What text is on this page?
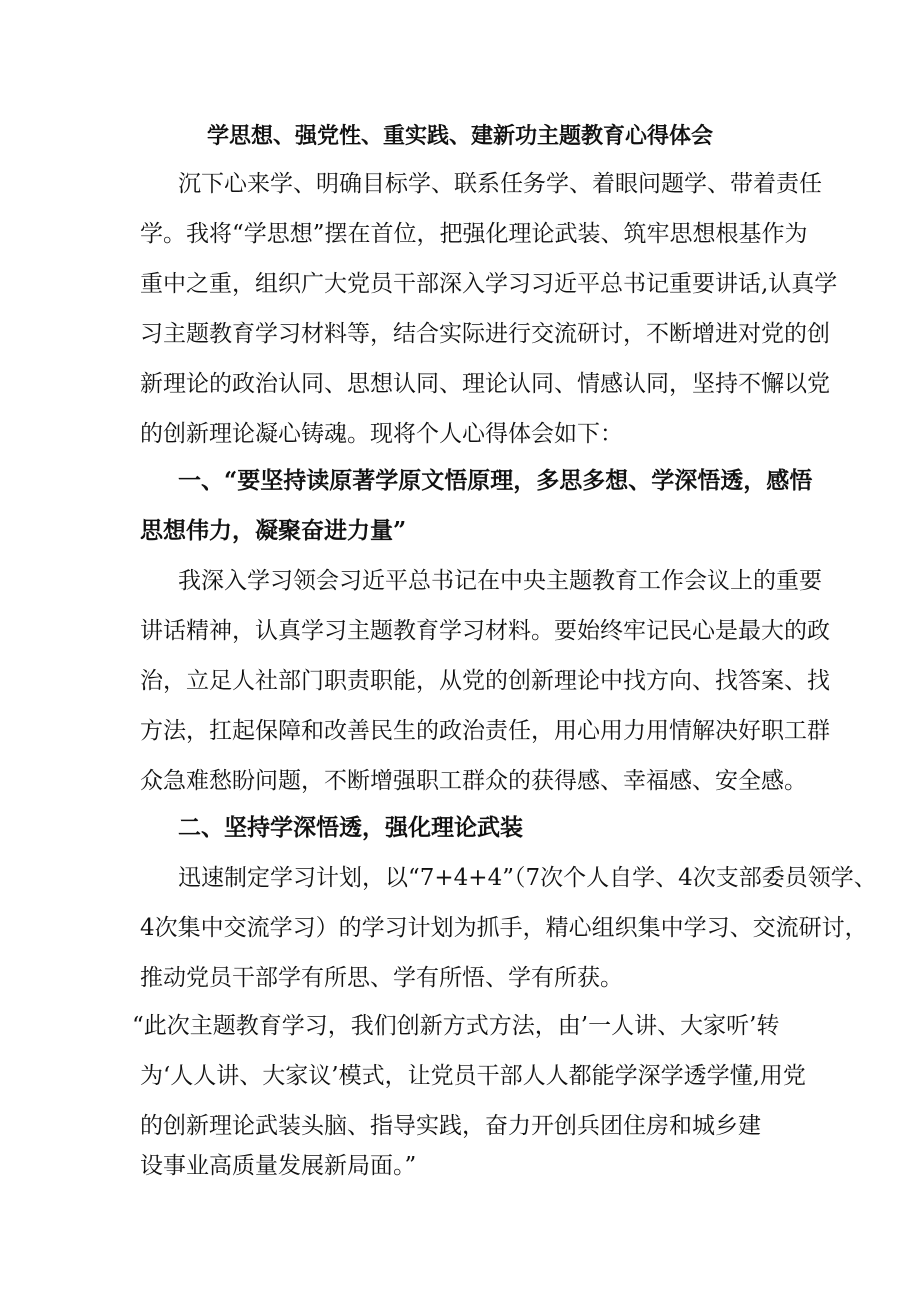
学思想、强党性、重实践、建新功主题教育心得体会
沉下心来学、明确目标学、联系任务学、着眼问题学、带着责任
学。我将“学思想”摆在首位，把强化理论武装、筑牢思想根基作为
重中之重，组织广大党员干部深入学习习近平总书记重要讲话,认真学
习主题教育学习材料等，结合实际进行交流研讨，不断增进对党的创
新理论的政治认同、思想认同、理论认同、情感认同，坚持不懈以党
的创新理论凝心铸魂。现将个人心得体会如下：
一、“要坚持读原著学原文悟原理，多思多想、学深悟透，感悟
思想伟力，凝聚奋进力量”
我深入学习领会习近平总书记在中央主题教育工作会议上的重要
讲话精神，认真学习主题教育学习材料。要始终牢记民心是最大的政
治，立足人社部门职责职能，从党的创新理论中找方向、找答案、找
方法，扛起保障和改善民生的政治责任，用心用力用情解决好职工群
众急难愁盼问题，不断增强职工群众的获得感、幸福感、安全感。
二、坚持学深悟透，强化理论武装
迅速制定学习计划，以“7+4+4”（7次个人自学、4次支部委员领学、
4次集中交流学习）的学习计划为抓手，精心组织集中学习、交流研讨，
推动党员干部学有所思、学有所悟、学有所获。
“此次主题教育学习，我们创新方式方法，由’一人讲、大家听’转
为‘人人讲、大家议’模式，让党员干部人人都能学深学透学懂,用党
的创新理论武装头脑、指导实践，奋力开创兵团住房和城乡建
设事业高质量发展新局面。”
